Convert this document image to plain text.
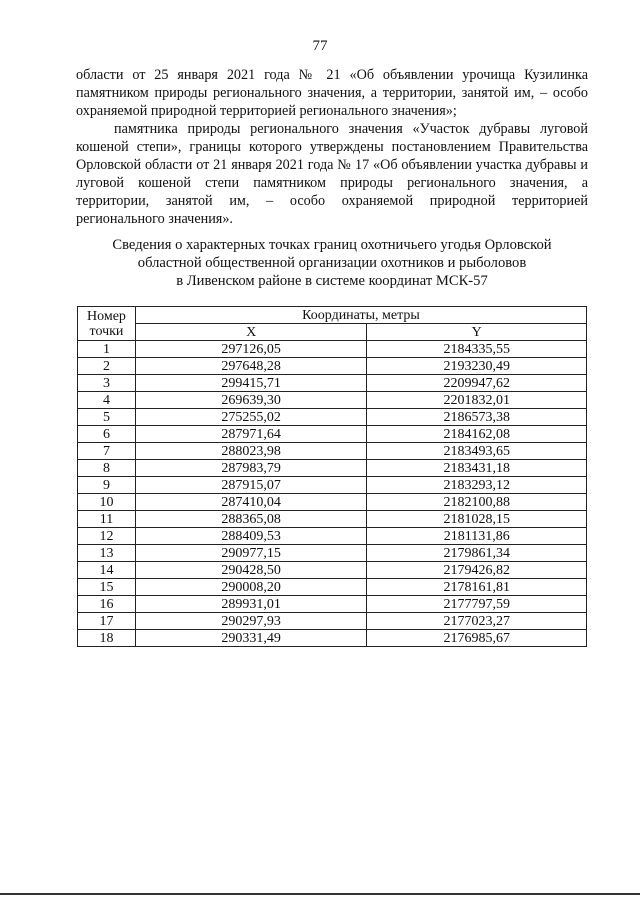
77

области от 25 января 2021 года № 21 «Об объявлении урочища Кузилинка памятником природы регионального значения, а территории, занятой им, – особо охраняемой природной территорией регионального значения»;

памятника природы регионального значения «Участок дубравы луговой кошеной степи», границы которого утверждены постановлением Правительства Орловской области от 21 января 2021 года № 17 «Об объявлении участка дубравы и луговой кошеной степи памятником природы регионального значения, а территории, занятой им, – особо охраняемой природной территорией регионального значения».

Сведения о характерных точках границ охотничьего угодья Орловской
областной общественной организации охотников и рыболовов
в Ливенском районе в системе координат МСК-57
Номер
точки	Координаты, метры	
	X	Y
1	297126,05	2184335,55
2	297648,28	2193230,49
3	299415,71	2209947,62
4	269639,30	2201832,01
5	275255,02	2186573,38
6	287971,64	2184162,08
7	288023,98	2183493,65
8	287983,79	2183431,18
9	287915,07	2183293,12
10	287410,04	2182100,88
11	288365,08	2181028,15
12	288409,53	2181131,86
13	290977,15	2179861,34
14	290428,50	2179426,82
15	290008,20	2178161,81
16	289931,01	2177797,59
17	290297,93	2177023,27
18	290331,49	2176985,67
